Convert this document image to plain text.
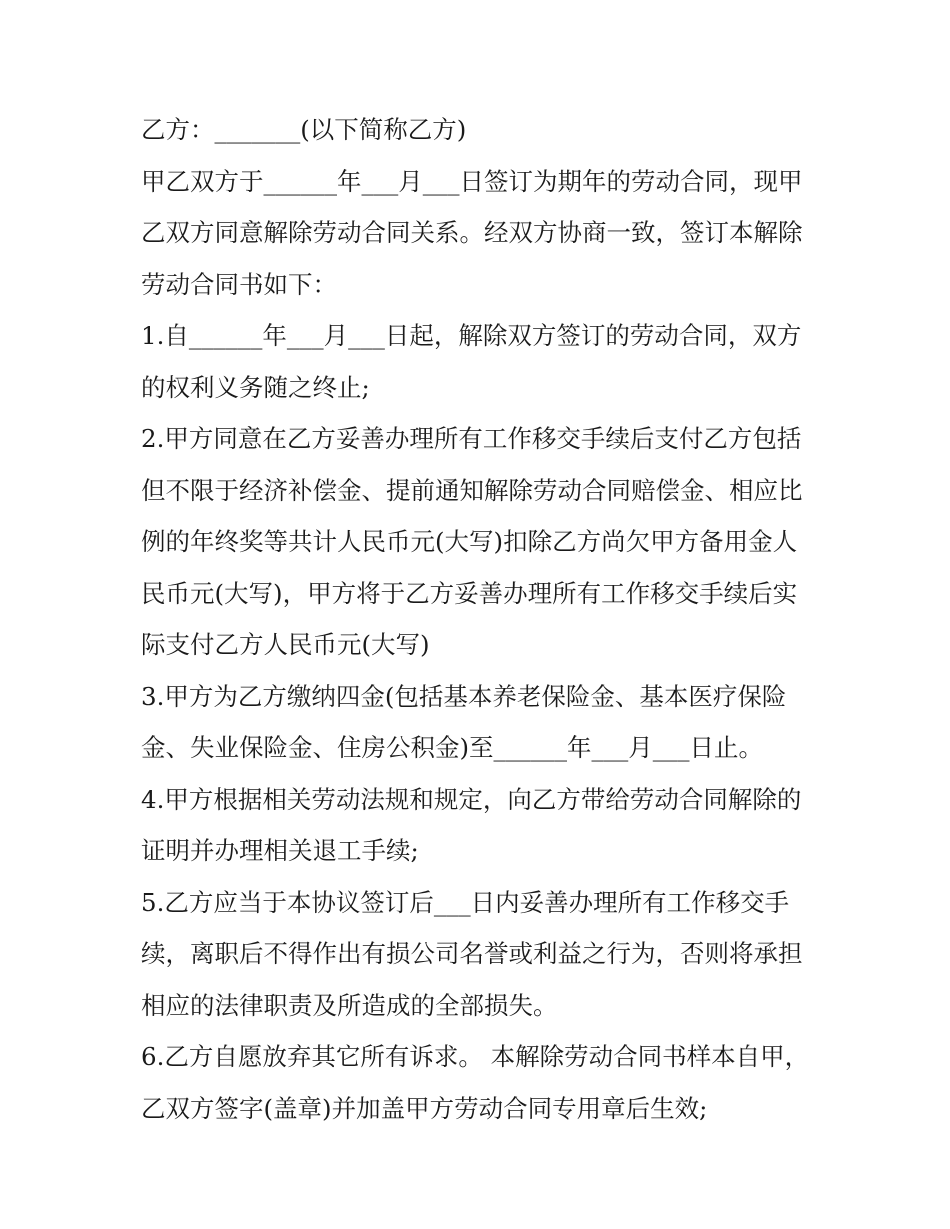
乙方：_______(以下简称乙方)
甲乙双方于______年___月___日签订为期年的劳动合同，现甲
乙双方同意解除劳动合同关系。经双方协商一致，签订本解除
劳动合同书如下：
1.自______年___月___日起，解除双方签订的劳动合同，双方
的权利义务随之终止;
2.甲方同意在乙方妥善办理所有工作移交手续后支付乙方包括
但不限于经济补偿金、提前通知解除劳动合同赔偿金、相应比
例的年终奖等共计人民币元(大写)扣除乙方尚欠甲方备用金人
民币元(大写)，甲方将于乙方妥善办理所有工作移交手续后实
际支付乙方人民币元(大写)
3.甲方为乙方缴纳四金(包括基本养老保险金、基本医疗保险
金、失业保险金、住房公积金)至______年___月___日止。
4.甲方根据相关劳动法规和规定，向乙方带给劳动合同解除的
证明并办理相关退工手续;
5.乙方应当于本协议签订后___日内妥善办理所有工作移交手
续，离职后不得作出有损公司名誉或利益之行为，否则将承担
相应的法律职责及所造成的全部损失。
6.乙方自愿放弃其它所有诉求。 本解除劳动合同书样本自甲，
乙双方签字(盖章)并加盖甲方劳动合同专用章后生效;
